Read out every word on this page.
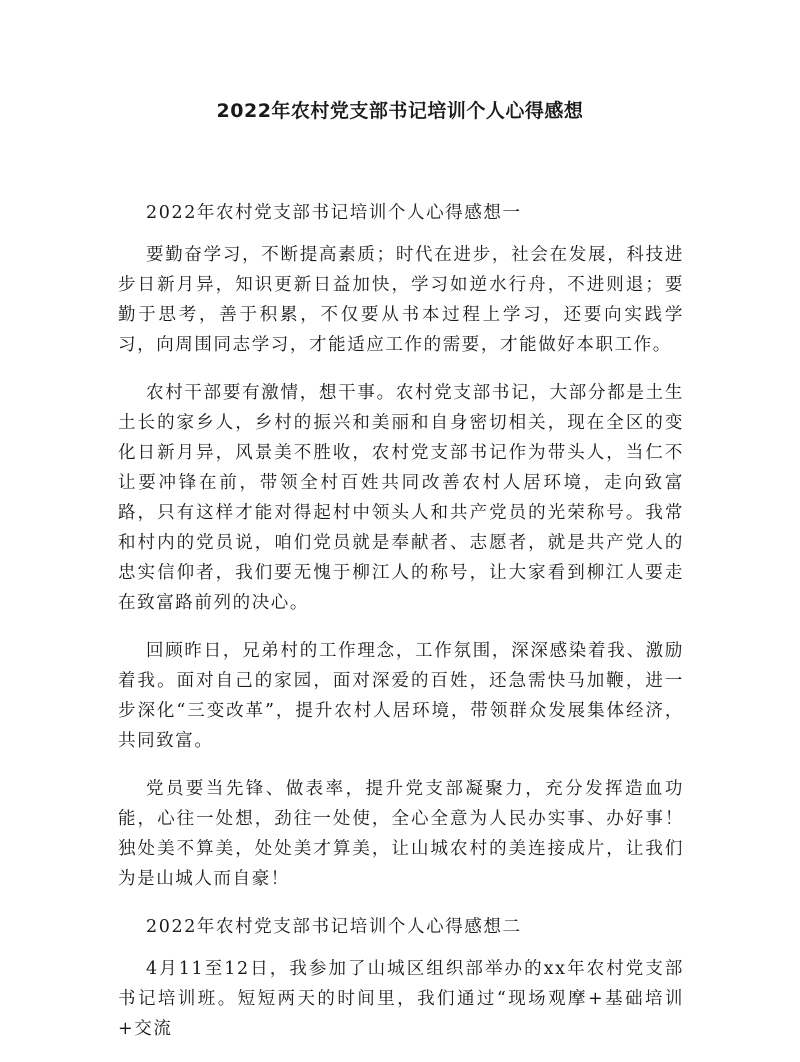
2022年农村党支部书记培训个人心得感想
2022年农村党支部书记培训个人心得感想一

要勤奋学习，不断提高素质；时代在进步，社会在发展，科技进步日新月异，知识更新日益加快，学习如逆水行舟，不进则退；要勤于思考，善于积累，不仅要从书本过程上学习，还要向实践学习，向周围同志学习，才能适应工作的需要，才能做好本职工作。

农村干部要有激情，想干事。农村党支部书记，大部分都是土生土长的家乡人，乡村的振兴和美丽和自身密切相关，现在全区的变化日新月异，风景美不胜收，农村党支部书记作为带头人，当仁不让要冲锋在前，带领全村百姓共同改善农村人居环境，走向致富路，只有这样才能对得起村中领头人和共产党员的光荣称号。我常和村内的党员说，咱们党员就是奉献者、志愿者，就是共产党人的忠实信仰者，我们要无愧于柳江人的称号，让大家看到柳江人要走在致富路前列的决心。

回顾昨日，兄弟村的工作理念，工作氛围，深深感染着我、激励着我。面对自己的家园，面对深爱的百姓，还急需快马加鞭，进一步深化“三变改革”，提升农村人居环境，带领群众发展集体经济，共同致富。

党员要当先锋、做表率，提升党支部凝聚力，充分发挥造血功能，心往一处想，劲往一处使，全心全意为人民办实事、办好事！独处美不算美，处处美才算美，让山城农村的美连接成片，让我们为是山城人而自豪！

2022年农村党支部书记培训个人心得感想二

4月11至12日，我参加了山城区组织部举办的xx年农村党支部书记培训班。短短两天的时间里，我们通过“现场观摩+基础培训+交流
